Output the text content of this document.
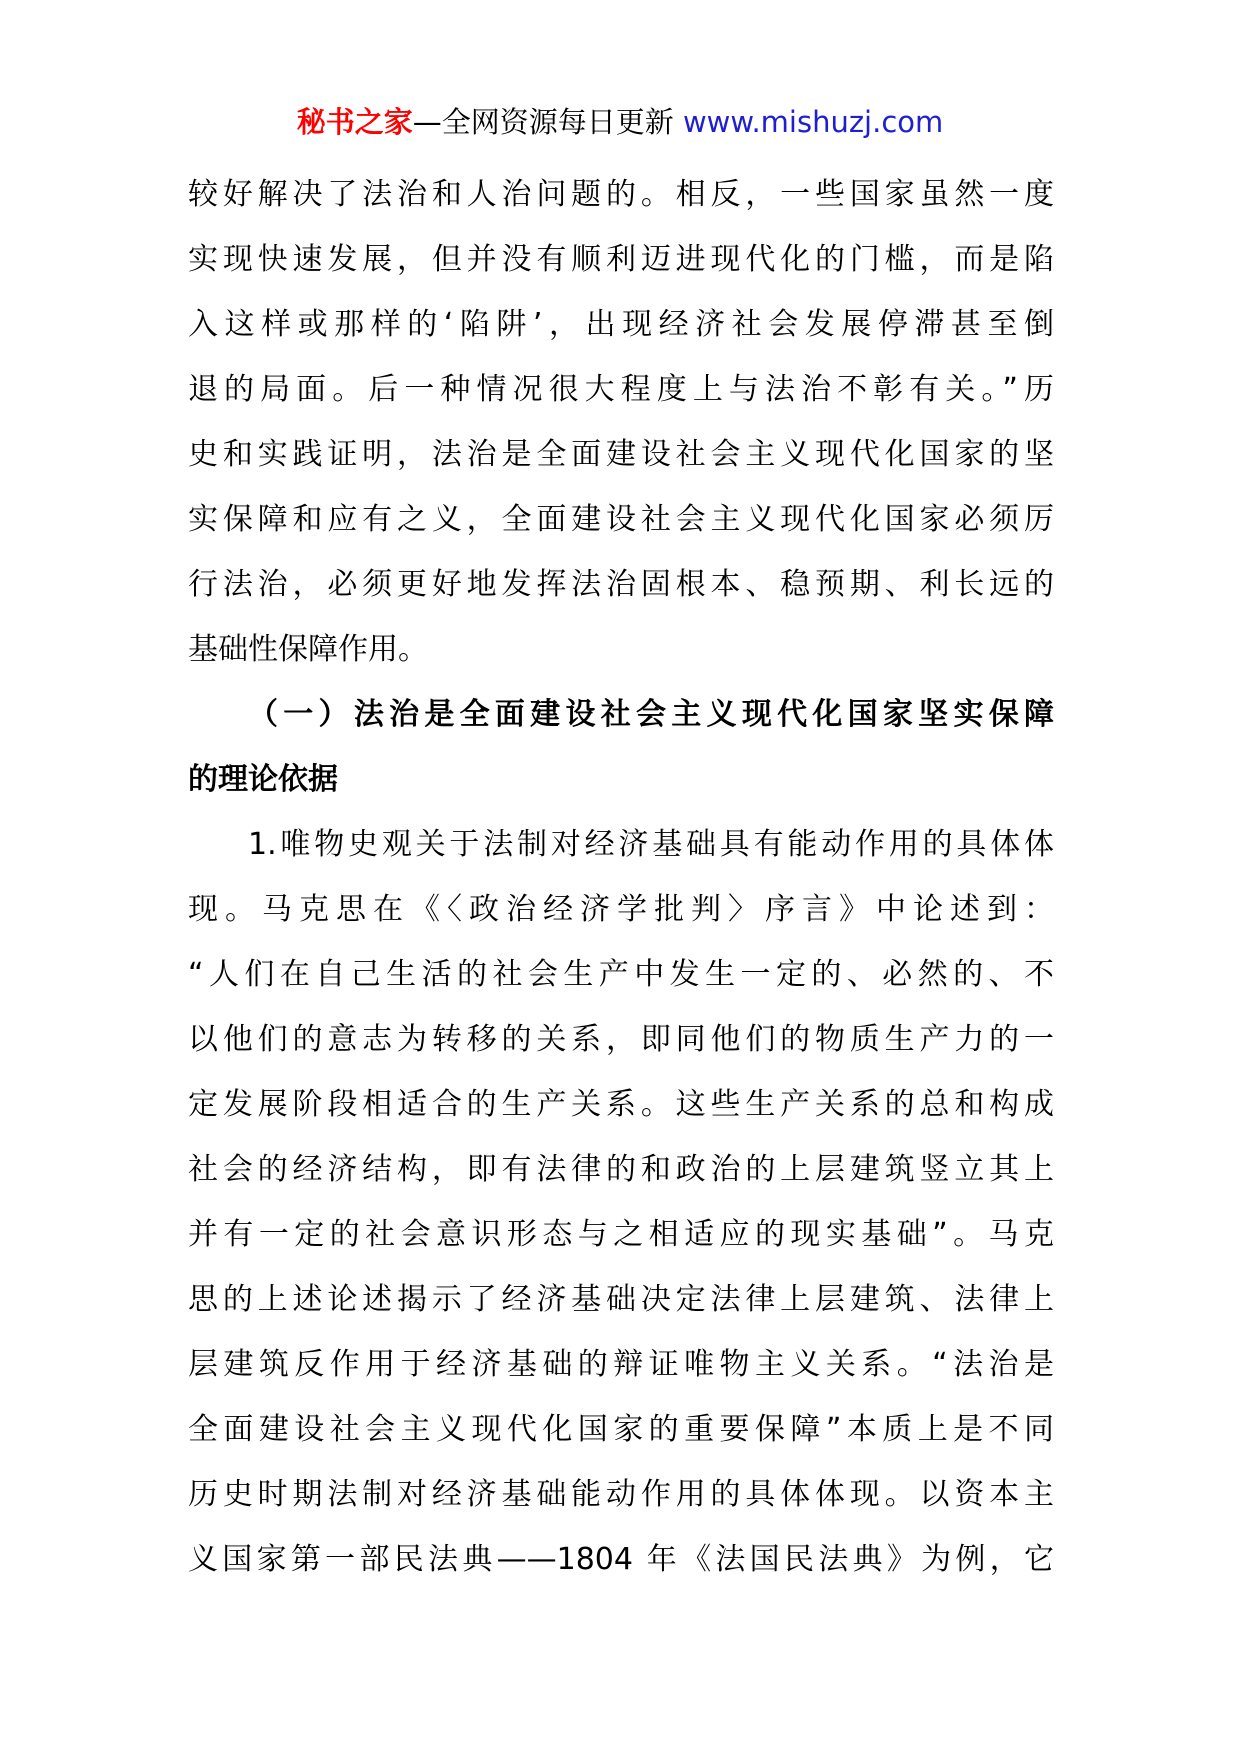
秘书之家—全网资源每日更新 www.mishuzj.com
较好解决了法治和人治问题的。相反，一些国家虽然一度
实现快速发展，但并没有顺利迈进现代化的门槛，而是陷
入这样或那样的‘陷阱’，出现经济社会发展停滞甚至倒
退的局面。后一种情况很大程度上与法治不彰有关。”历
史和实践证明，法治是全面建设社会主义现代化国家的坚
实保障和应有之义，全面建设社会主义现代化国家必须厉
行法治，必须更好地发挥法治固根本、稳预期、利长远的
基础性保障作用。
（一）法治是全面建设社会主义现代化国家坚实保障
的理论依据
1.唯物史观关于法制对经济基础具有能动作用的具体体
现。马克思在《〈政治经济学批判〉序言》中论述到：
“人们在自己生活的社会生产中发生一定的、必然的、不
以他们的意志为转移的关系，即同他们的物质生产力的一
定发展阶段相适合的生产关系。这些生产关系的总和构成
社会的经济结构，即有法律的和政治的上层建筑竖立其上
并有一定的社会意识形态与之相适应的现实基础”。马克
思的上述论述揭示了经济基础决定法律上层建筑、法律上
层建筑反作用于经济基础的辩证唯物主义关系。“法治是
全面建设社会主义现代化国家的重要保障”本质上是不同
历史时期法制对经济基础能动作用的具体体现。以资本主
义国家第一部民法典——1804 年《法国民法典》为例，它
